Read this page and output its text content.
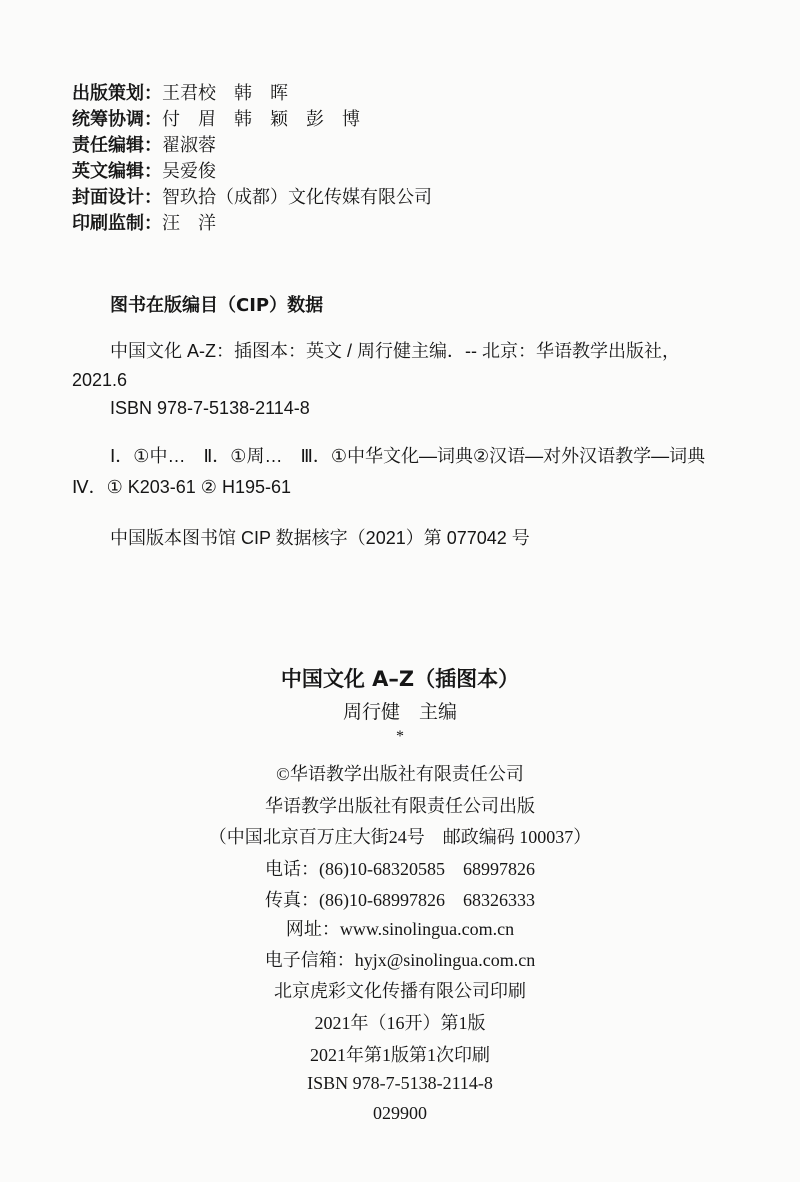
出版策划：王君校　韩　晖
统筹协调：付　眉　韩　颖　彭　博
责任编辑：翟淑蓉
英文编辑：吴爱俊
封面设计：智玖拾（成都）文化传媒有限公司
印刷监制：汪　洋
图书在版编目（CIP）数据
中国文化 A-Z：插图本：英文 / 周行健主编．-- 北京：华语教学出版社，
2021.6
ISBN 978-7-5138-2114-8
Ⅰ．①中…　Ⅱ．①周…　Ⅲ．①中华文化—词典②汉语—对外汉语教学—词典
Ⅳ．① K203-61 ② H195-61
中国版本图书馆 CIP 数据核字（2021）第 077042 号
中国文化 A–Z（插图本）
周行健　主编
*
©华语教学出版社有限责任公司
华语教学出版社有限责任公司出版
（中国北京百万庄大街24号　邮政编码 100037）
电话：(86)10-68320585　68997826
传真：(86)10-68997826　68326333
网址：www.sinolingua.com.cn
电子信箱：hyjx@sinolingua.com.cn
北京虎彩文化传播有限公司印刷
2021年（16开）第1版
2021年第1版第1次印刷
ISBN 978-7-5138-2114-8
029900
